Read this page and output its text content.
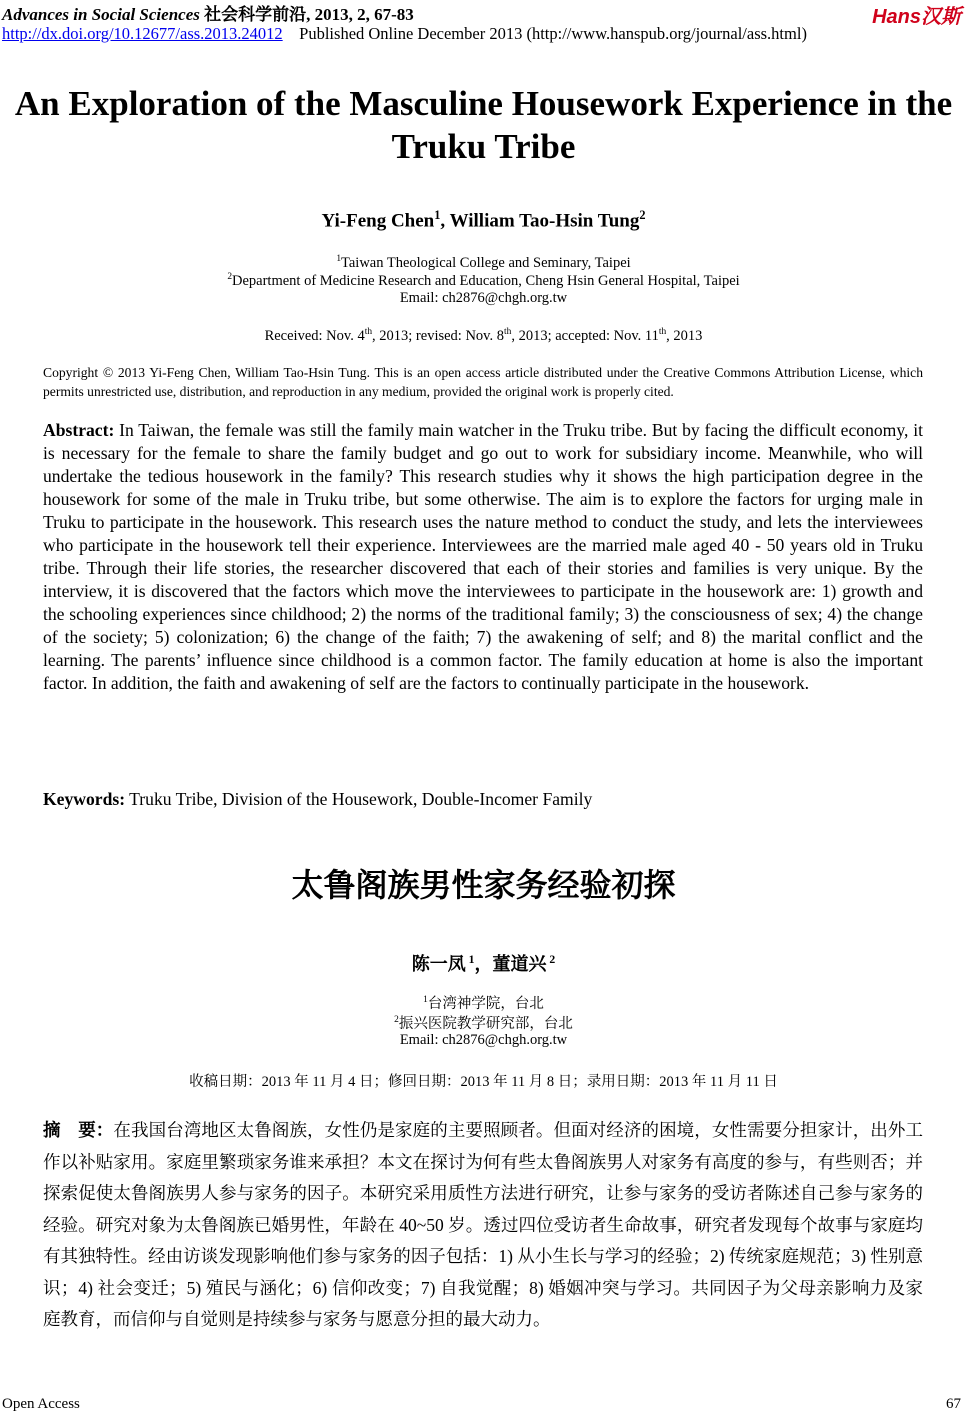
Advances in Social Sciences 社会科学前沿, 2013, 2, 67-83
http://dx.doi.org/10.12677/ass.2013.24012 Published Online December 2013 (http://www.hanspub.org/journal/ass.html)
Hans汉斯
An Exploration of the Masculine Housework Experience in the Truku Tribe
Yi-Feng Chen$^1$, William Tao-Hsin Tung$^2$
$^1$Taiwan Theological College and Seminary, Taipei
$^2$Department of Medicine Research and Education, Cheng Hsin General Hospital, Taipei
Email: ch2876@chgh.org.tw
Received: Nov. 4th, 2013; revised: Nov. 8th, 2013; accepted: Nov. 11th, 2013
Copyright © 2013 Yi-Feng Chen, William Tao-Hsin Tung. This is an open access article distributed under the Creative Commons Attribution License, which permits unrestricted use, distribution, and reproduction in any medium, provided the original work is properly cited.
Abstract: In Taiwan, the female was still the family main watcher in the Truku tribe. But by facing the difficult economy, it is necessary for the female to share the family budget and go out to work for subsidiary income. Meanwhile, who will undertake the tedious housework in the family? This research studies why it shows the high participation degree in the housework for some of the male in Truku tribe, but some otherwise. The aim is to explore the factors for urging male in Truku to participate in the housework. This research uses the nature method to conduct the study, and lets the interviewees who participate in the housework tell their experience. Interviewees are the married male aged 40 - 50 years old in Truku tribe. Through their life stories, the researcher discovered that each of their stories and families is very unique. By the interview, it is discovered that the factors which move the interviewees to participate in the housework are: 1) growth and the schooling experiences since childhood; 2) the norms of the traditional family; 3) the consciousness of sex; 4) the change of the society; 5) colonization; 6) the change of the faith; 7) the awakening of self; and 8) the marital conflict and the learning. The parents’ influence since childhood is a common factor. The family education at home is also the important factor. In addition, the faith and awakening of self are the factors to continually participate in the housework.
Keywords: Truku Tribe, Division of the Housework, Double-Incomer Family
太鲁阁族男性家务经验初探
陈一凤 $^1$，董道兴 $^2$
$^1$台湾神学院，台北
$^2$振兴医院教学研究部，台北
Email: ch2876@chgh.org.tw
收稿日期：2013 年 11 月 4 日；修回日期：2013 年 11 月 8 日；录用日期：2013 年 11 月 11 日
摘　要：在我国台湾地区太鲁阁族，女性仍是家庭的主要照顾者。但面对经济的困境，女性需要分担家计，出外工作以补贴家用。家庭里繁琐家务谁来承担？本文在探讨为何有些太鲁阁族男人对家务有高度的参与，有些则否；并探索促使太鲁阁族男人参与家务的因子。本研究采用质性方法进行研究，让参与家务的受访者陈述自己参与家务的经验。研究对象为太鲁阁族已婚男性，年龄在 40~50 岁。透过四位受访者生命故事，研究者发现每个故事与家庭均有其独特性。经由访谈发现影响他们参与家务的因子包括：1) 从小生长与学习的经验；2) 传统家庭规范；3) 性别意识；4) 社会变迁；5) 殖民与涵化；6) 信仰改变；7) 自我觉醒；8) 婚姻冲突与学习。共同因子为父母亲影响力及家庭教育，而信仰与自觉则是持续参与家务与愿意分担的最大动力。
Open Access	67
